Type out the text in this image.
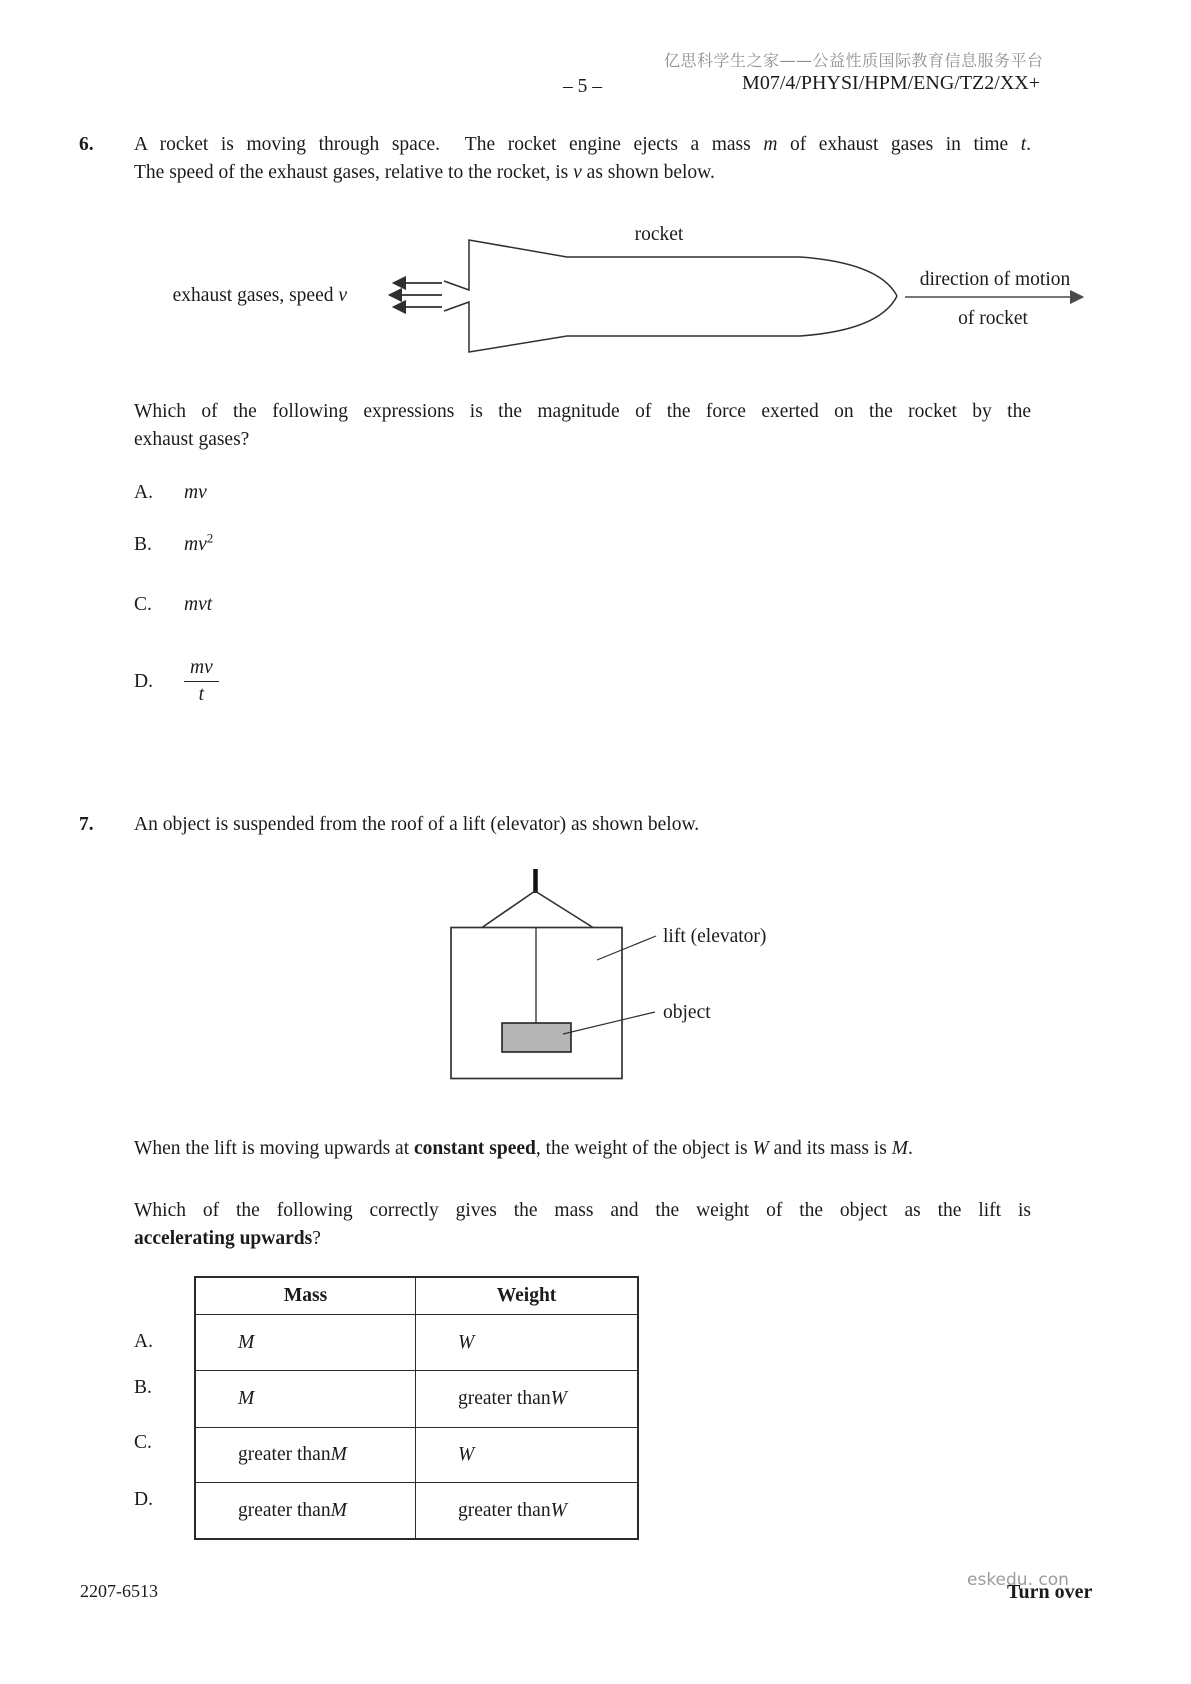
亿思科学生之家——公益性质国际教育信息服务平台
– 5 –	M07/4/PHYSI/HPM/ENG/TZ2/XX+
6. A rocket is moving through space.  The rocket engine ejects a mass m of exhaust gases in time t.
The speed of the exhaust gases, relative to the rocket, is v as shown below.
rocket
exhaust gases, speed v
direction of motion
of rocket
Which of the following expressions is the magnitude of the force exerted on the rocket by the
exhaust gases?
A. mv
B. $mv^2$
C. mvt
D. $\frac{mv}{t}$
7. An object is suspended from the roof of a lift (elevator) as shown below.
lift (elevator)
object
When the lift is moving upwards at constant speed, the weight of the object is W and its mass is M.
Which of the following correctly gives the mass and the weight of the object as the lift is
accelerating upwards?
A.
B.
C.
D.
Mass	Weight
M	W
M	greater than W
greater than M	W
greater than M	greater than W
2207-6513
eskedu. con
Turn over
